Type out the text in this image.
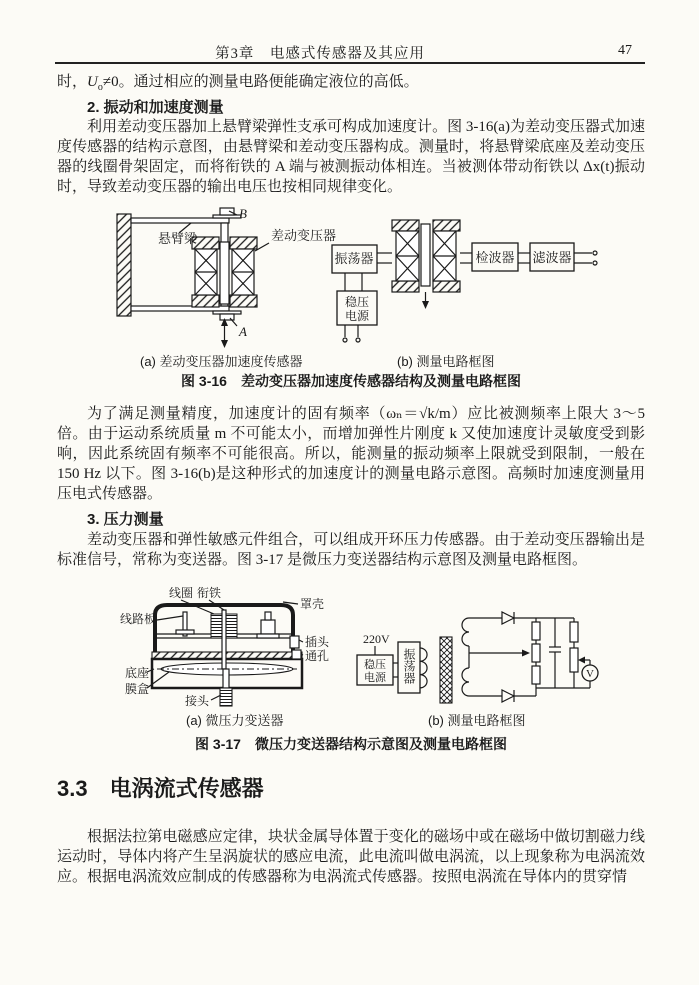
第3章　电感式传感器及其应用	47

时，$U_o\ne 0$。通过相应的测量电路便能确定液位的高低。

2. 振动和加速度测量

利用差动变压器加上悬臂梁弹性支承可构成加速度计。图 3-16(a)为差动变压器式加速度传感器的结构示意图，由悬臂梁和差动变压器构成。测量时，将悬臂梁底座及差动变压器的线圈骨架固定，而将衔铁的 A 端与被测振动体相连。当被测体带动衔铁以 Δx(t)振动时，导致差动变压器的输出电压也按相同规律变化。

悬臂梁	差动变压器
B
A
振荡器	检波器 滤波器
稳压
电源
(a) 差动变压器加速度传感器	(b) 测量电路框图
图 3-16　差动变压器加速度传感器结构及测量电路框图

为了满足测量精度，加速度计的固有频率（ωₙ＝√k/m）应比被测频率上限大 3～5 倍。由于运动系统质量 m 不可能太小，而增加弹性片刚度 k 又使加速度计灵敏度受到影响，因此系统固有频率不可能很高。所以，能测量的振动频率上限就受到限制，一般在 150 Hz 以下。图 3-16(b)是这种形式的加速度计的测量电路示意图。高频时加速度测量用压电式传感器。

3. 压力测量

差动变压器和弹性敏感元件组合，可以组成开环压力传感器。由于差动变压器输出是标准信号，常称为变送器。图 3-17 是微压力变送器结构示意图及测量电路框图。

线圈 衔铁
罩壳
线路板
插头
通孔
底座
膜盒
接头
220V
稳压
电源 振荡器	V
(a) 微压力变送器	(b) 测量电路框图
图 3-17　微压力变送器结构示意图及测量电路框图
3.3　电涡流式传感器

根据法拉第电磁感应定律，块状金属导体置于变化的磁场中或在磁场中做切割磁力线运动时，导体内将产生呈涡旋状的感应电流，此电流叫做电涡流，以上现象称为电涡流效应。 根据电涡流效应制成的传感器称为电涡流式传感器。按照电涡流在导体内的贯穿情
